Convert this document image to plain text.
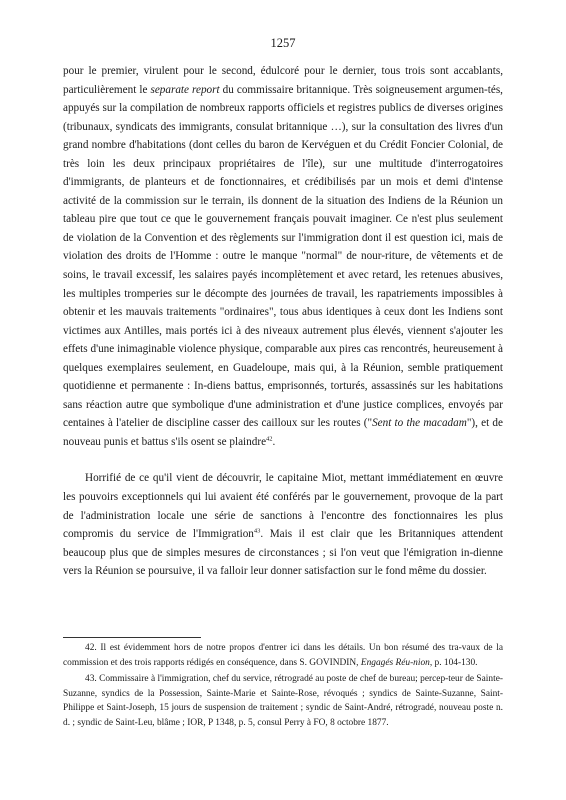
1257

pour le premier, virulent pour le second, édulcoré pour le dernier, tous trois sont accablants, particulièrement le separate report du commissaire britannique. Très soigneusement argumen-tés, appuyés sur la compilation de nombreux rapports officiels et registres publics de diverses origines (tribunaux, syndicats des immigrants, consulat britannique …), sur la consultation des livres d'un grand nombre d'habitations (dont celles du baron de Kervéguen et du Crédit Foncier Colonial, de très loin les deux principaux propriétaires de l'île), sur une multitude d'interrogatoires d'immigrants, de planteurs et de fonctionnaires, et crédibilisés par un mois et demi d'intense activité de la commission sur le terrain, ils donnent de la situation des Indiens de la Réunion un tableau pire que tout ce que le gouvernement français pouvait imaginer. Ce n'est plus seulement de violation de la Convention et des règlements sur l'immigration dont il est question ici, mais de violation des droits de l'Homme : outre le manque "normal" de nour-riture, de vêtements et de soins, le travail excessif, les salaires payés incomplètement et avec retard, les retenues abusives, les multiples tromperies sur le décompte des journées de travail, les rapatriements impossibles à obtenir et les mauvais traitements "ordinaires", tous abus identiques à ceux dont les Indiens sont victimes aux Antilles, mais portés ici à des niveaux autrement plus élevés, viennent s'ajouter les effets d'une inimaginable violence physique, comparable aux pires cas rencontrés, heureusement à quelques exemplaires seulement, en Guadeloupe, mais qui, à la Réunion, semble pratiquement quotidienne et permanente : In-diens battus, emprisonnés, torturés, assassinés sur les habitations sans réaction autre que symbolique d'une administration et d'une justice complices, envoyés par centaines à l'atelier de discipline casser des cailloux sur les routes ("Sent to the macadam"), et de nouveau punis et battus s'ils osent se plaindre$^{42}$.

Horrifié de ce qu'il vient de découvrir, le capitaine Miot, mettant immédiatement en œuvre les pouvoirs exceptionnels qui lui avaient été conférés par le gouvernement, provoque de la part de l'administration locale une série de sanctions à l'encontre des fonctionnaires les plus compromis du service de l'Immigration$^{43}$. Mais il est clair que les Britanniques attendent beaucoup plus que de simples mesures de circonstances ; si l'on veut que l'émigration in-dienne vers la Réunion se poursuive, il va falloir leur donner satisfaction sur le fond même du dossier.

42. Il est évidemment hors de notre propos d'entrer ici dans les détails. Un bon résumé des tra-vaux de la commission et des trois rapports rédigés en conséquence, dans S. GOVINDIN, Engagés Réu-nion, p. 104-130.

43. Commissaire à l'immigration, chef du service, rétrogradé au poste de chef de bureau; percep-teur de Sainte-Suzanne, syndics de la Possession, Sainte-Marie et Sainte-Rose, révoqués ; syndics de Sainte-Suzanne, Saint-Philippe et Saint-Joseph, 15 jours de suspension de traitement ; syndic de Saint-André, rétrogradé, nouveau poste n. d. ; syndic de Saint-Leu, blâme ; IOR, P 1348, p. 5, consul Perry à FO, 8 octobre 1877.
